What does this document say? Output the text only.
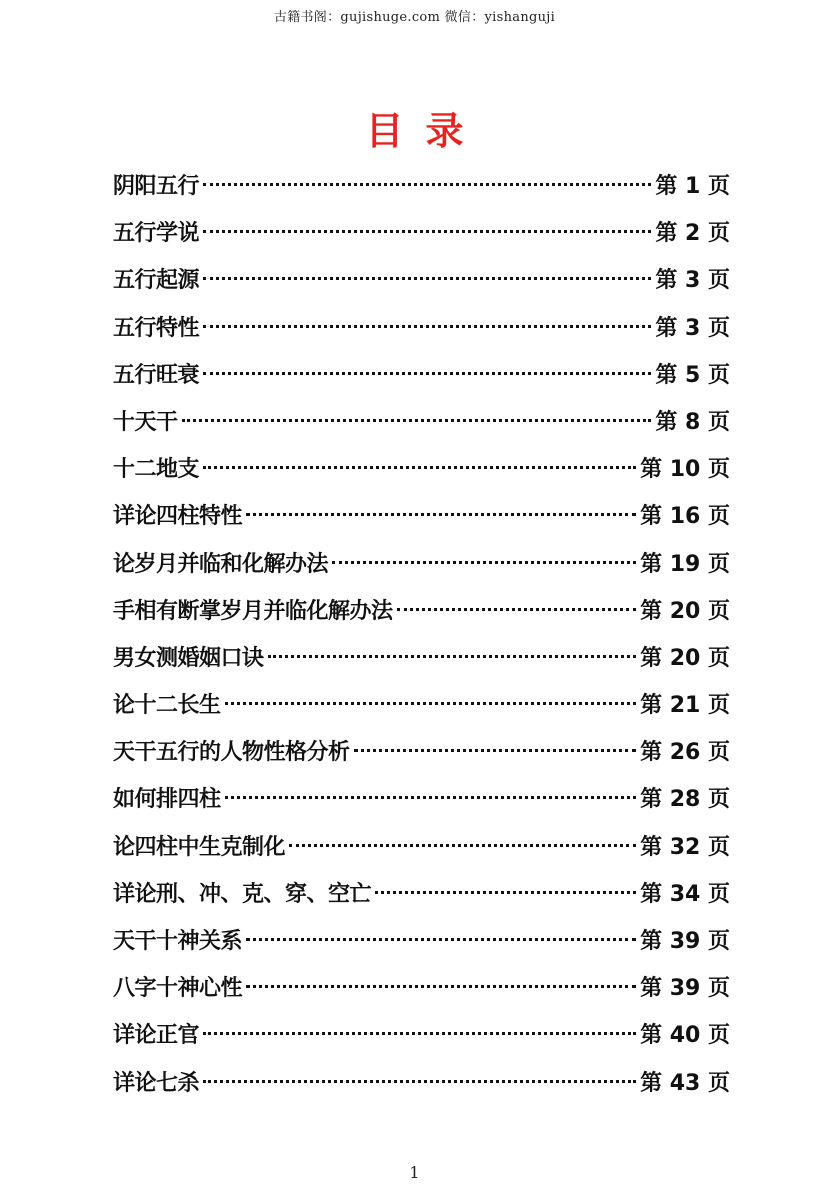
古籍书阁：gujishuge.com 微信：yishanguji
目录
阴阳五行	第 1 页
五行学说	第 2 页
五行起源	第 3 页
五行特性	第 3 页
五行旺衰	第 5 页
十天干	第 8 页
十二地支	第 10 页
详论四柱特性	第 16 页
论岁月并临和化解办法	第 19 页
手相有断掌岁月并临化解办法	第 20 页
男女测婚姻口诀	第 20 页
论十二长生	第 21 页
天干五行的人物性格分析	第 26 页
如何排四柱	第 28 页
论四柱中生克制化	第 32 页
详论刑、冲、克、穿、空亡	第 34 页
天干十神关系	第 39 页
八字十神心性	第 39 页
详论正官	第 40 页
详论七杀	第 43 页
1
